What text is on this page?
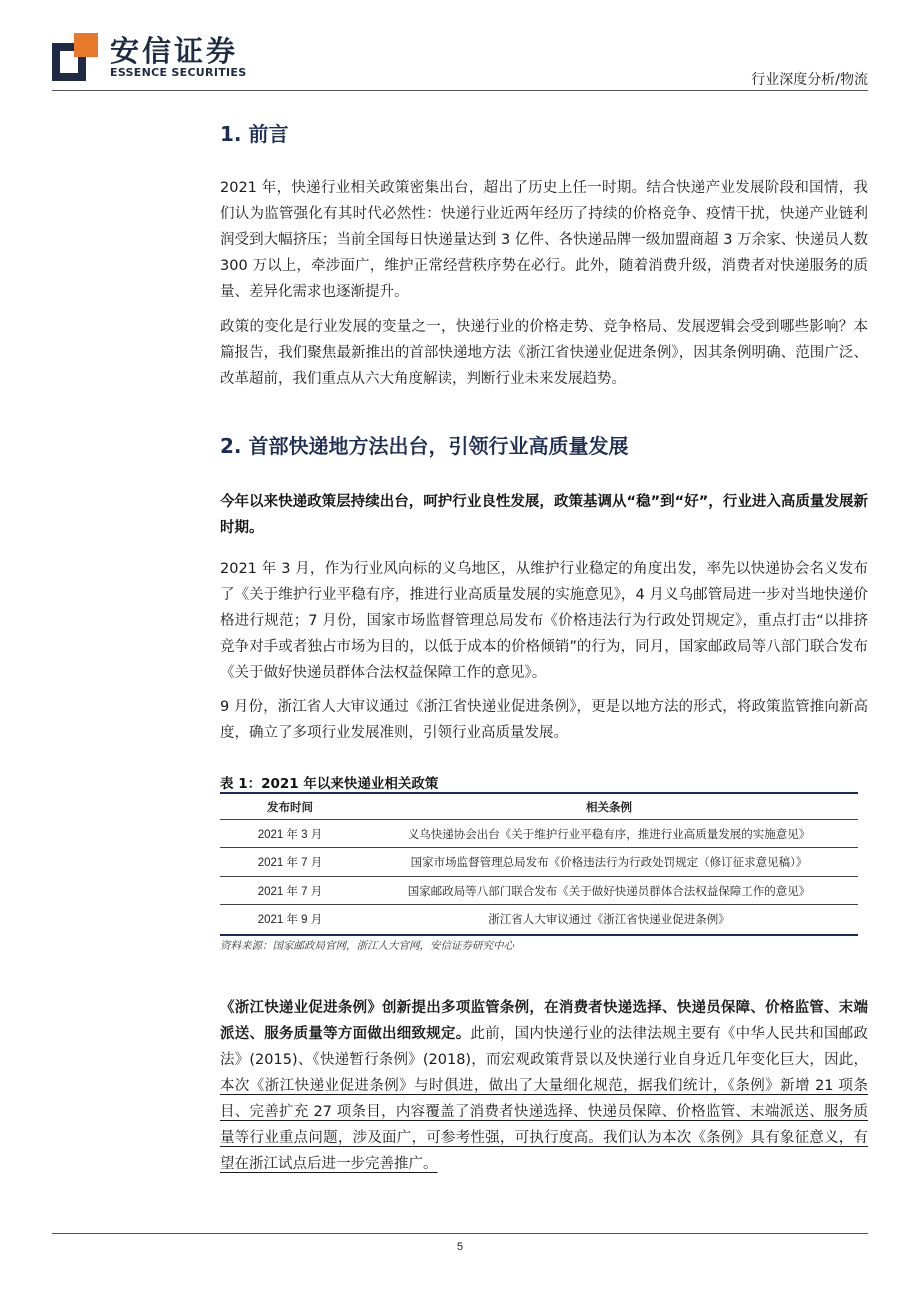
安信证券
ESSENCE SECURITIES	行业深度分析/物流
1. 前言

2021 年，快递行业相关政策密集出台，超出了历史上任一时期。结合快递产业发展阶段和国情，我们认为监管强化有其时代必然性：快递行业近两年经历了持续的价格竞争、疫情干扰，快递产业链利润受到大幅挤压；当前全国每日快递量达到 3 亿件、各快递品牌一级加盟商超 3 万余家、快递员人数 300 万以上，牵涉面广，维护正常经营秩序势在必行。此外，随着消费升级，消费者对快递服务的质量、差异化需求也逐渐提升。

政策的变化是行业发展的变量之一，快递行业的价格走势、竞争格局、发展逻辑会受到哪些影响？本篇报告，我们聚焦最新推出的首部快递地方法《浙江省快递业促进条例》，因其条例明确、范围广泛、改革超前，我们重点从六大角度解读，判断行业未来发展趋势。

2. 首部快递地方法出台，引领行业高质量发展

今年以来快递政策层持续出台，呵护行业良性发展，政策基调从“稳”到“好”，行业进入高质量发展新时期。

2021 年 3 月，作为行业风向标的义乌地区，从维护行业稳定的角度出发，率先以快递协会名义发布了《关于维护行业平稳有序，推进行业高质量发展的实施意见》，4 月义乌邮管局进一步对当地快递价格进行规范；7 月份，国家市场监督管理总局发布《价格违法行为行政处罚规定》，重点打击“以排挤竞争对手或者独占市场为目的，以低于成本的价格倾销”的行为，同月，国家邮政局等八部门联合发布《关于做好快递员群体合法权益保障工作的意见》。

9 月份，浙江省人大审议通过《浙江省快递业促进条例》，更是以地方法的形式，将政策监管推向新高度，确立了多项行业发展准则，引领行业高质量发展。

表 1：2021 年以来快递业相关政策
发布时间	相关条例
2021 年 3 月	义乌快递协会出台《关于维护行业平稳有序，推进行业高质量发展的实施意见》
2021 年 7 月	国家市场监督管理总局发布《价格违法行为行政处罚规定（修订征求意见稿）》
2021 年 7 月	国家邮政局等八部门联合发布《关于做好快递员群体合法权益保障工作的意见》
2021 年 9 月	浙江省人大审议通过《浙江省快递业促进条例》
资料来源：国家邮政局官网，浙江人大官网，安信证券研究中心

《浙江快递业促进条例》创新提出多项监管条例，在消费者快递选择、快递员保障、价格监管、末端派送、服务质量等方面做出细致规定。此前，国内快递行业的法律法规主要有《中华人民共和国邮政法》(2015)、《快递暂行条例》(2018)，而宏观政策背景以及快递行业自身近几年变化巨大，因此，本次《浙江快递业促进条例》与时俱进，做出了大量细化规范，据我们统计，《条例》新增 21 项条目、完善扩充 27 项条目，内容覆盖了消费者快递选择、快递员保障、价格监管、末端派送、服务质量等行业重点问题，涉及面广，可参考性强，可执行度高。我们认为本次《条例》具有象征意义，有望在浙江试点后进一步完善推广。

5
